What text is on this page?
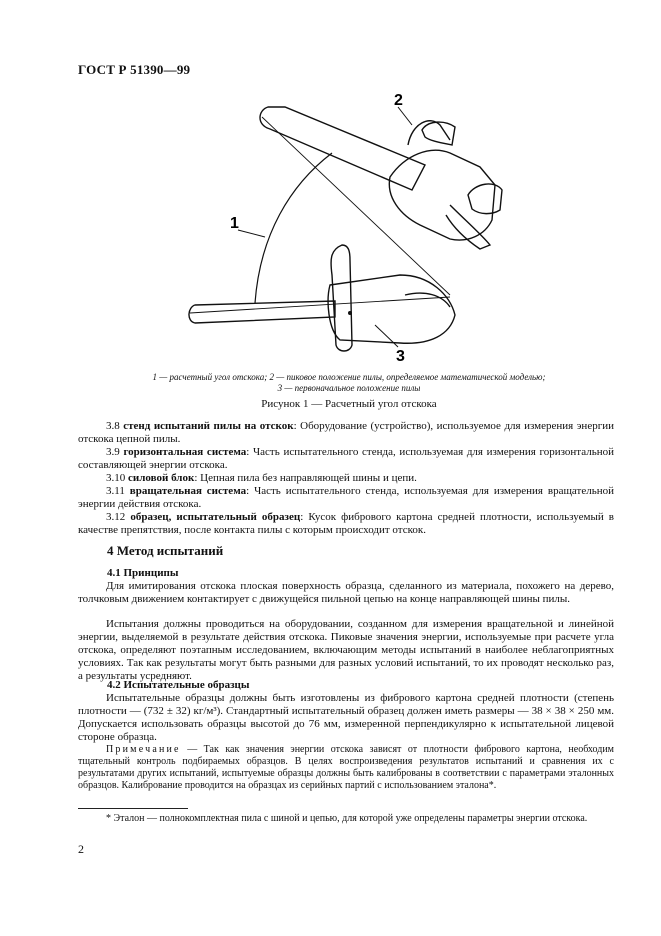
ГОСТ Р 51390—99
1
2
3
1 — расчетный угол отскока; 2 — пиковое положение пилы, определяемое математической моделью;
3 — первоначальное положение пилы
Рисунок 1 — Расчетный угол отскока
3.8 стенд испытаний пилы на отскок: Оборудование (устройство), используемое для измерения энергии отскока цепной пилы.
3.9 горизонтальная система: Часть испытательного стенда, используемая для измерения горизонтальной составляющей энергии отскока.
3.10 силовой блок: Цепная пила без направляющей шины и цепи.
3.11 вращательная система: Часть испытательного стенда, используемая для измерения вращательной энергии действия отскока.
3.12 образец, испытательный образец: Кусок фибрового картона средней плотности, используемый в качестве препятствия, после контакта пилы с которым происходит отскок.
4 Метод испытаний
4.1 Принципы
Для имитирования отскока плоская поверхность образца, сделанного из материала, похожего на дерево, толчковым движением контактирует с движущейся пильной цепью на конце направляющей шины пилы.
Испытания должны проводиться на оборудовании, созданном для измерения вращательной и линейной энергии, выделяемой в результате действия отскока. Пиковые значения энергии, используемые при расчете угла отскока, определяют поэтапным исследованием, включающим методы испытаний в наиболее неблагоприятных условиях. Так как результаты могут быть разными для разных условий испытаний, то их проводят несколько раз, а результаты усредняют.
4.2 Испытательные образцы
Испытательные образцы должны быть изготовлены из фибрового картона средней плотности (степень плотности — (732 ± 32) кг/м³). Стандартный испытательный образец должен иметь размеры — 38 × 38 × 250 мм. Допускается использовать образцы высотой до 76 мм, измеренной перпендикулярно к испытательной лицевой стороне образца.
Примечание — Так как значения энергии отскока зависят от плотности фибрового картона, необходим тщательный контроль подбираемых образцов. В целях воспроизведения результатов испытаний и сравнения их с результатами других испытаний, испытуемые образцы должны быть калиброваны в соответствии с параметрами эталонных образцов. Калибрование проводится на образцах из серийных партий с использованием эталона*.
* Эталон — полнокомплектная пила с шиной и цепью, для которой уже определены параметры энергии отскока.
2
